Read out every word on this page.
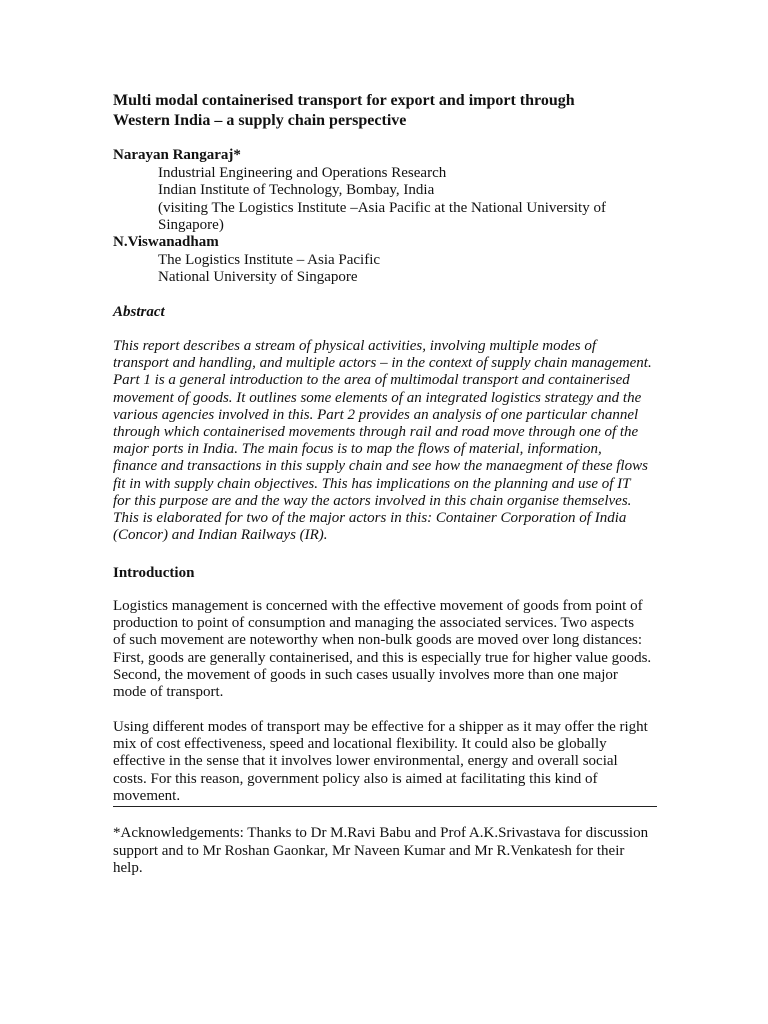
Multi modal containerised transport for export and import through
Western India – a supply chain perspective
Narayan Rangaraj*
Industrial Engineering and Operations Research
Indian Institute of Technology, Bombay, India
(visiting The Logistics Institute –Asia Pacific at the National University of
Singapore)
N.Viswanadham
The Logistics Institute – Asia Pacific
National University of Singapore
Abstract

This report describes a stream of physical activities, involving multiple modes of
transport and handling, and multiple actors – in the context of supply chain management.
Part 1 is a general introduction to the area of multimodal transport and containerised
movement of goods. It outlines some elements of an integrated logistics strategy and the
various agencies involved in this. Part 2 provides an analysis of one particular channel
through which containerised movements through rail and road move through one of the
major ports in India. The main focus is to map the flows of material, information,
finance and transactions in this supply chain and see how the manaegment of these flows
fit in with supply chain objectives. This has implications on the planning and use of IT
for this purpose are and the way the actors involved in this chain organise themselves.
This is elaborated for two of the major actors in this: Container Corporation of India
(Concor) and Indian Railways (IR).

Introduction

Logistics management is concerned with the effective movement of goods from point of
production to point of consumption and managing the associated services. Two aspects
of such movement are noteworthy when non-bulk goods are moved over long distances:
First, goods are generally containerised, and this is especially true for higher value goods.
Second, the movement of goods in such cases usually involves more than one major
mode of transport.

Using different modes of transport may be effective for a shipper as it may offer the right
mix of cost effectiveness, speed and locational flexibility. It could also be globally
effective in the sense that it involves lower environmental, energy and overall social
costs. For this reason, government policy also is aimed at facilitating this kind of
movement.

*Acknowledgements: Thanks to Dr M.Ravi Babu and Prof A.K.Srivastava for discussion
support and to Mr Roshan Gaonkar, Mr Naveen Kumar and Mr R.Venkatesh for their
help.
